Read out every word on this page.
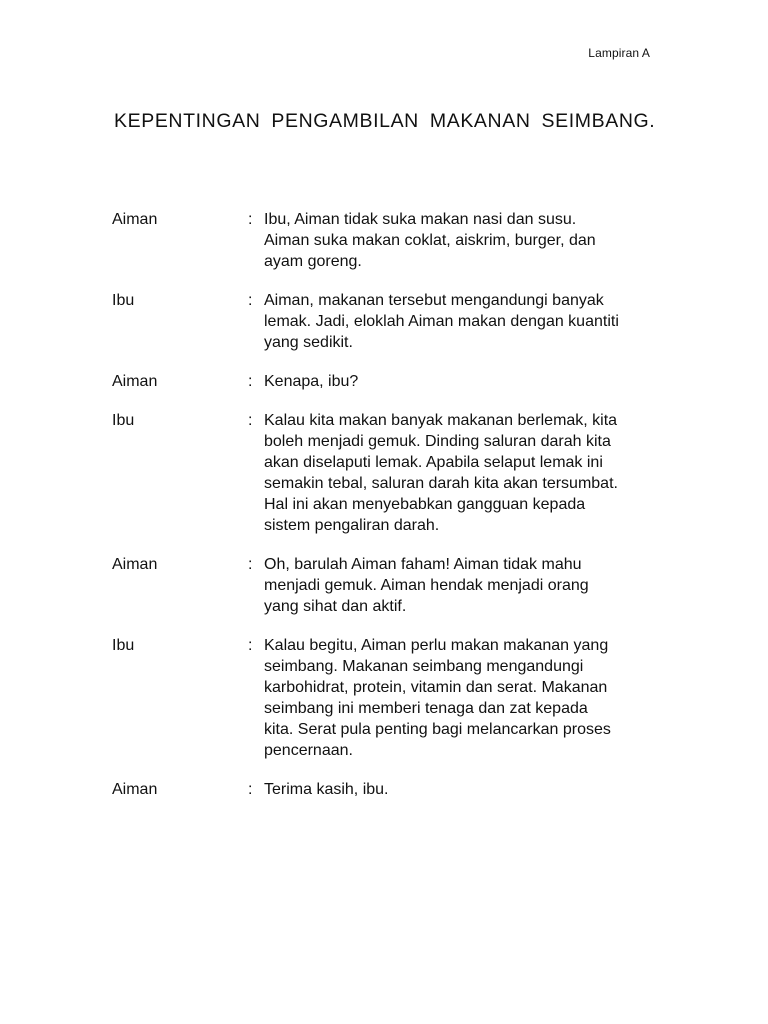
Lampiran A
KEPENTINGAN PENGAMBILAN MAKANAN SEIMBANG.
Aiman	: Ibu, Aiman tidak suka makan nasi dan susu.
Aiman suka makan coklat, aiskrim, burger, dan
ayam goreng.
Ibu	: Aiman, makanan tersebut mengandungi banyak
lemak. Jadi, eloklah Aiman makan dengan kuantiti
yang sedikit.
Aiman	: Kenapa, ibu?
Ibu	: Kalau kita makan banyak makanan berlemak, kita
boleh menjadi gemuk. Dinding saluran darah kita
akan diselaputi lemak. Apabila selaput lemak ini
semakin tebal, saluran darah kita akan tersumbat.
Hal ini akan menyebabkan gangguan kepada
sistem pengaliran darah.
Aiman	: Oh, barulah Aiman faham! Aiman tidak mahu
menjadi gemuk. Aiman hendak menjadi orang
yang sihat dan aktif.
Ibu	: Kalau begitu, Aiman perlu makan makanan yang
seimbang. Makanan seimbang mengandungi
karbohidrat, protein, vitamin dan serat. Makanan
seimbang ini memberi tenaga dan zat kepada
kita. Serat pula penting bagi melancarkan proses
pencernaan.
Aiman	: Terima kasih, ibu.
